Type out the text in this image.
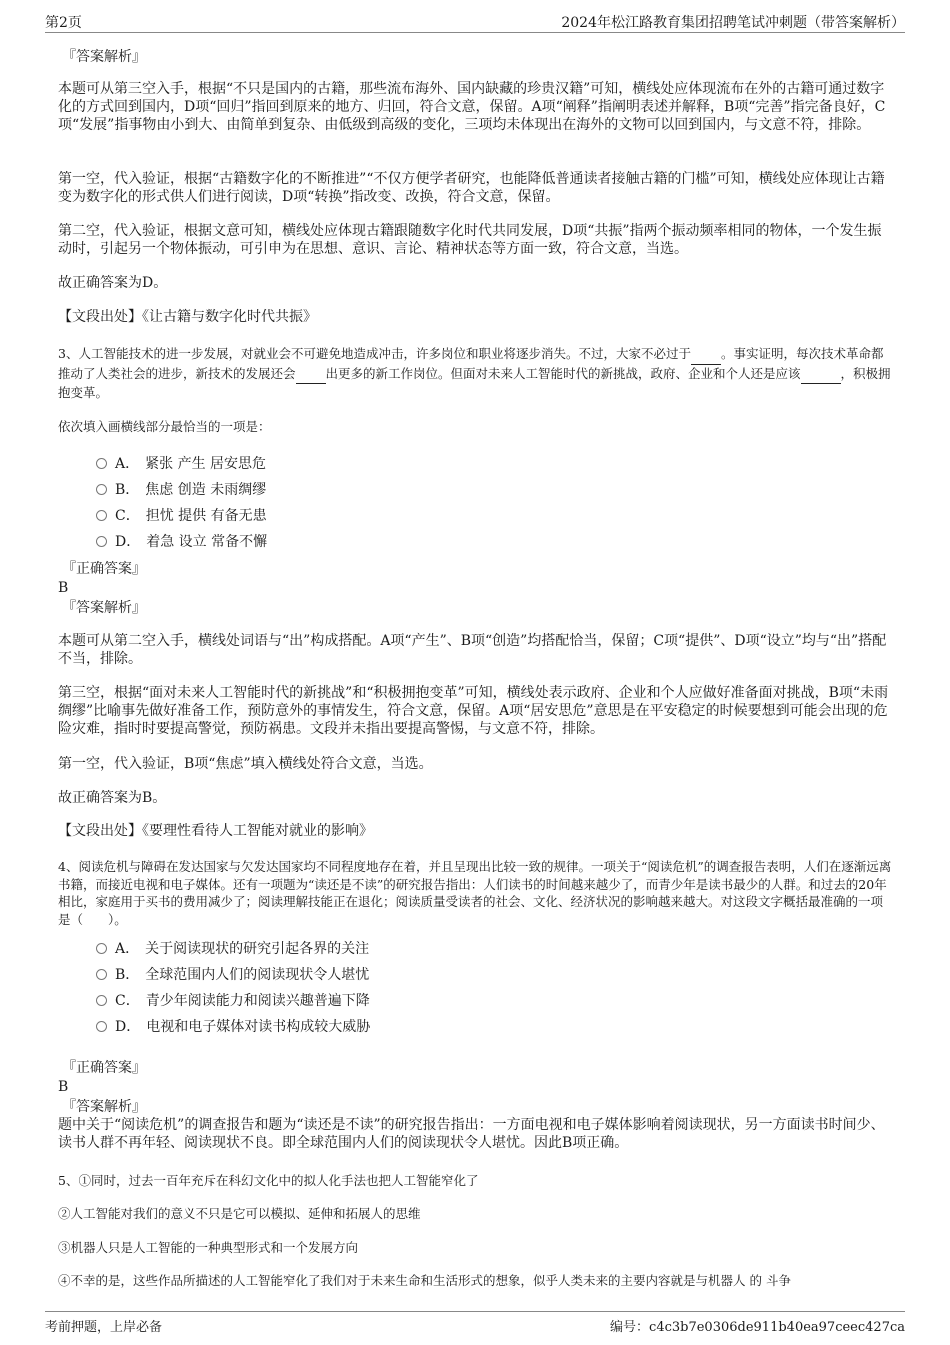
第2页	2024年松江路教育集团招聘笔试冲刺题（带答案解析）
『答案解析』
本题可从第三空入手，根据“不只是国内的古籍，那些流布海外、国内缺藏的珍贵汉籍”可知，横线处应体现流布在外的古籍可通过数字化的方式回到国内，D项“回归”指回到原来的地方、归回，符合文意，保留。A项“阐释”指阐明表述并解释，B项“完善”指完备良好，C项“发展”指事物由小到大、由简单到复杂、由低级到高级的变化，三项均未体现出在海外的文物可以回到国内，与文意不符，排除。
第一空，代入验证，根据“古籍数字化的不断推进”“不仅方便学者研究，也能降低普通读者接触古籍的门槛”可知，横线处应体现让古籍变为数字化的形式供人们进行阅读，D项“转换”指改变、改换，符合文意，保留。
第二空，代入验证，根据文意可知，横线处应体现古籍跟随数字化时代共同发展，D项“共振”指两个振动频率相同的物体，一个发生振动时，引起另一个物体振动，可引申为在思想、意识、言论、精神状态等方面一致，符合文意，当选。
故正确答案为D。
【文段出处】《让古籍与数字化时代共振》
3、人工智能技术的进一步发展，对就业会不可避免地造成冲击，许多岗位和职业将逐步消失。不过，大家不必过于 。事实证明，每次技术革命都推动了人类社会的进步，新技术的发展还会 出更多的新工作岗位。但面对未来人工智能时代的新挑战，政府、企业和个人还是应该	，积极拥抱变革。
依次填入画横线部分最恰当的一项是：
A． 紧张 产生 居安思危
B． 焦虑 创造 未雨绸缪
C． 担忧 提供 有备无患
D． 着急 设立 常备不懈
『正确答案』
B
『答案解析』
本题可从第二空入手，横线处词语与“出”构成搭配。A项“产生”、B项“创造”均搭配恰当，保留；C项“提供”、D项“设立”均与“出”搭配不当，排除。
第三空，根据“面对未来人工智能时代的新挑战”和“积极拥抱变革”可知，横线处表示政府、企业和个人应做好准备面对挑战，B项“未雨绸缪”比喻事先做好准备工作，预防意外的事情发生，符合文意，保留。A项“居安思危”意思是在平安稳定的时候要想到可能会出现的危险灾难，指时时要提高警觉，预防祸患。文段并未指出要提高警惕，与文意不符，排除。
第一空，代入验证，B项“焦虑”填入横线处符合文意，当选。
故正确答案为B。
【文段出处】《要理性看待人工智能对就业的影响》
4、阅读危机与障碍在发达国家与欠发达国家均不同程度地存在着，并且呈现出比较一致的规律。一项关于“阅读危机”的调查报告表明，人们在逐渐远离书籍，而接近电视和电子媒体。还有一项题为“读还是不读”的研究报告指出：人们读书的时间越来越少了，而青少年是读书最少的人群。和过去的20年相比，家庭用于买书的费用减少了；阅读理解技能正在退化；阅读质量受读者的社会、文化、经济状况的影响越来越大。对这段文字概括最准确的一项是（　　）。
A． 关于阅读现状的研究引起各界的关注
B． 全球范围内人们的阅读现状令人堪忧
C． 青少年阅读能力和阅读兴趣普遍下降
D． 电视和电子媒体对读书构成较大威胁
『正确答案』
B
『答案解析』
题中关于“阅读危机”的调查报告和题为“读还是不读”的研究报告指出：一方面电视和电子媒体影响着阅读现状，另一方面读书时间少、读书人群不再年轻、阅读现状不良。即全球范围内人们的阅读现状令人堪忧。因此B项正确。
5、①同时，过去一百年充斥在科幻文化中的拟人化手法也把人工智能窄化了
②人工智能对我们的意义不只是它可以模拟、延伸和拓展人的思维
③机器人只是人工智能的一种典型形式和一个发展方向
④不幸的是，这些作品所描述的人工智能窄化了我们对于未来生命和生活形式的想象，似乎人类未来的主要内容就是与机器人 的 斗争
考前押题，上岸必备	编号：c4c3b7e0306de911b40ea97ceec427ca
